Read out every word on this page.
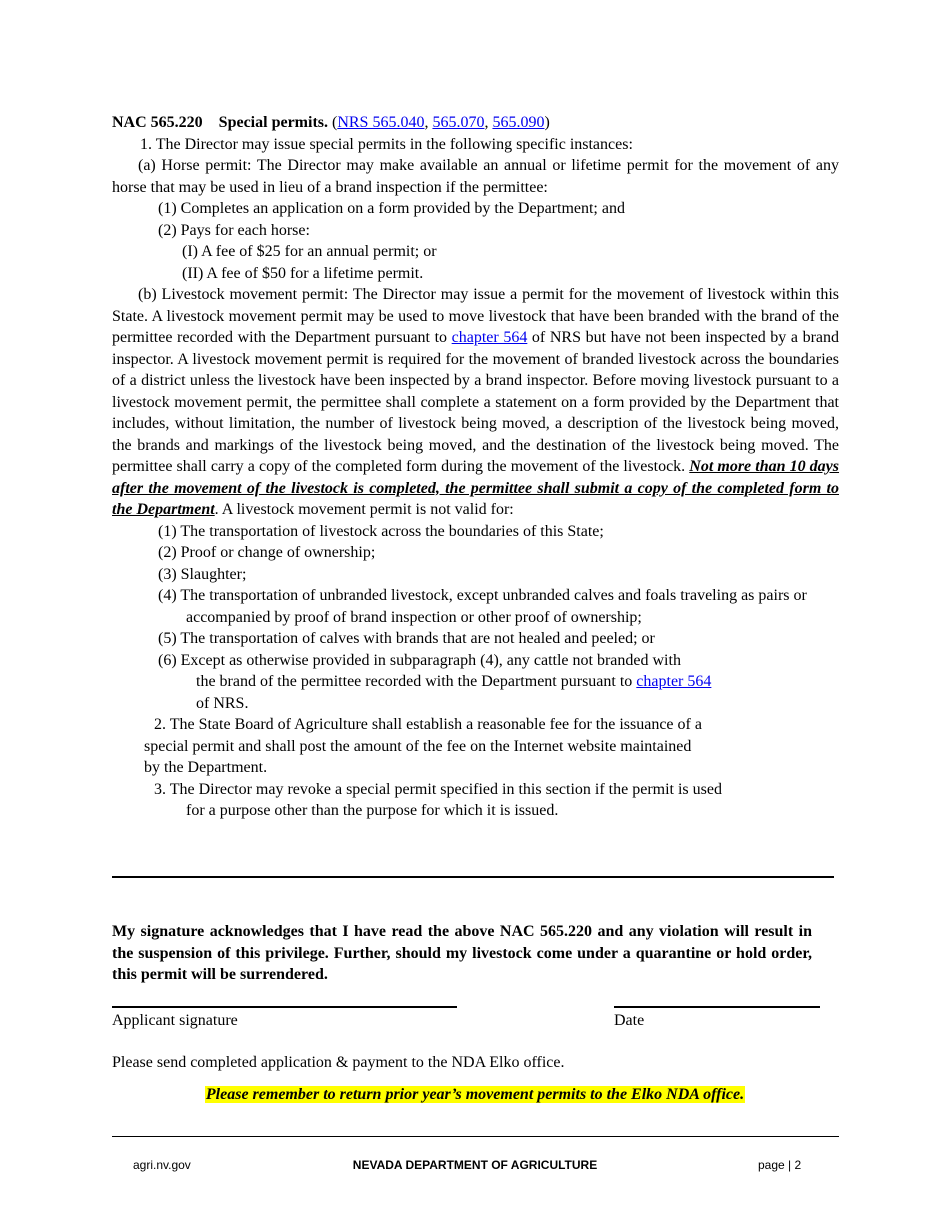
NAC 565.220 Special permits. (NRS 565.040, 565.070, 565.090)

1. The Director may issue special permits in the following specific instances:

(a) Horse permit: The Director may make available an annual or lifetime permit for the movement of any horse that may be used in lieu of a brand inspection if the permittee:

(1) Completes an application on a form provided by the Department; and

(2) Pays for each horse:

(I) A fee of $25 for an annual permit; or

(II) A fee of $50 for a lifetime permit.

(b) Livestock movement permit: The Director may issue a permit for the movement of livestock within this State. A livestock movement permit may be used to move livestock that have been branded with the brand of the permittee recorded with the Department pursuant to chapter 564 of NRS but have not been inspected by a brand inspector. A livestock movement permit is required for the movement of branded livestock across the boundaries of a district unless the livestock have been inspected by a brand inspector. Before moving livestock pursuant to a livestock movement permit, the permittee shall complete a statement on a form provided by the Department that includes, without limitation, the number of livestock being moved, a description of the livestock being moved, the brands and markings of the livestock being moved, and the destination of the livestock being moved. The permittee shall carry a copy of the completed form during the movement of the livestock. Not more than 10 days after the movement of the livestock is completed, the permittee shall submit a copy of the completed form to the Department. A livestock movement permit is not valid for:

(1) The transportation of livestock across the boundaries of this State;

(2) Proof or change of ownership;

(3) Slaughter;

(4) The transportation of unbranded livestock, except unbranded calves and foals traveling as pairs or accompanied by proof of brand inspection or other proof of ownership;

(5) The transportation of calves with brands that are not healed and peeled; or

(6) Except as otherwise provided in subparagraph (4), any cattle not branded with

the brand of the permittee recorded with the Department pursuant to chapter 564

of NRS.

2. The State Board of Agriculture shall establish a reasonable fee for the issuance of a

special permit and shall post the amount of the fee on the Internet website maintained

by the Department.

3. The Director may revoke a special permit specified in this section if the permit is used

for a purpose other than the purpose for which it is issued.

My signature acknowledges that I have read the above NAC 565.220 and any violation will result in the suspension of this privilege. Further, should my livestock come under a quarantine or hold order, this permit will be surrendered.

Applicant signature	Date
Please send completed application & payment to the NDA Elko office.
Please remember to return prior year’s movement permits to the Elko NDA office.
agri.nv.gov	NEVADA DEPARTMENT OF AGRICULTURE	page | 2
